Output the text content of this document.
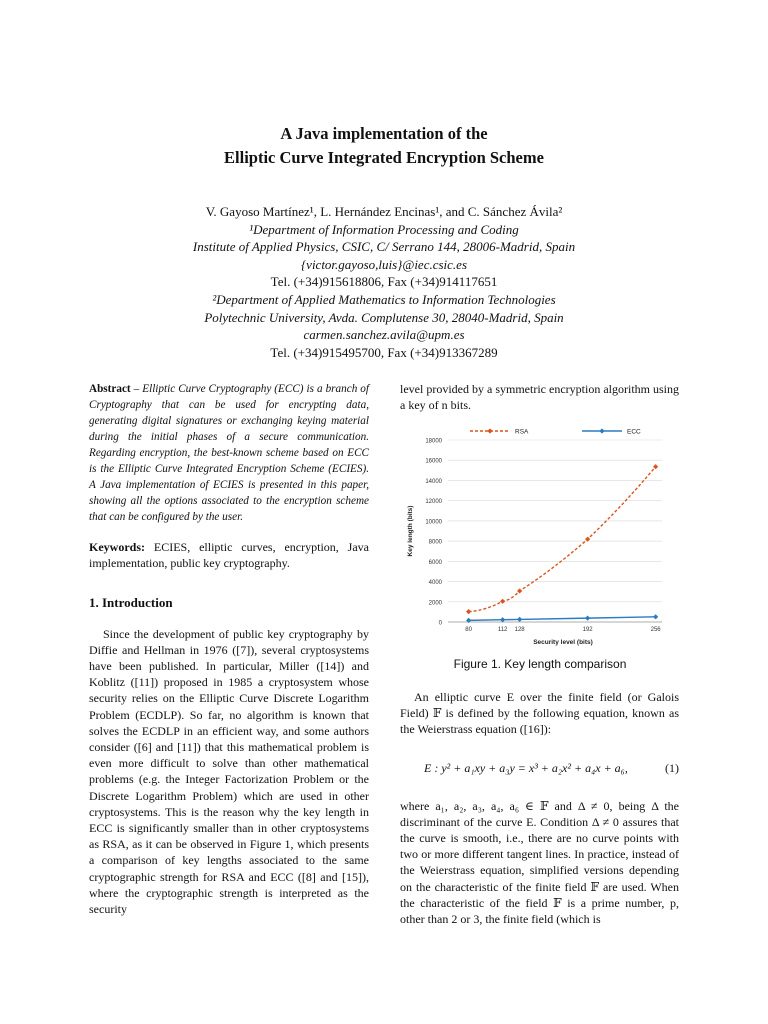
A Java implementation of the
Elliptic Curve Integrated Encryption Scheme
V. Gayoso Martínez¹, L. Hernández Encinas¹, and C. Sánchez Ávila²
¹Department of Information Processing and Coding
Institute of Applied Physics, CSIC, C/ Serrano 144, 28006-Madrid, Spain
{victor.gayoso,luis}@iec.csic.es
Tel. (+34)915618806, Fax (+34)914117651
²Department of Applied Mathematics to Information Technologies
Polytechnic University, Avda. Complutense 30, 28040-Madrid, Spain
carmen.sanchez.avila@upm.es
Tel. (+34)915495700, Fax (+34)913367289
Abstract – Elliptic Curve Cryptography (ECC) is a branch of Cryptography that can be used for encrypting data, generating digital signatures or exchanging keying material during the initial phases of a secure communication. Regarding encryption, the best-known scheme based on ECC is the Elliptic Curve Integrated Encryption Scheme (ECIES). A Java implementation of ECIES is presented in this paper, showing all the options associated to the encryption scheme that can be configured by the user.
Keywords: ECIES, elliptic curves, encryption, Java implementation, public key cryptography.
1. Introduction

Since the development of public key cryptography by Diffie and Hellman in 1976 ([7]), several cryptosystems have been published. In particular, Miller ([14]) and Koblitz ([11]) proposed in 1985 a cryptosystem whose security relies on the Elliptic Curve Discrete Logarithm Problem (ECDLP). So far, no algorithm is known that solves the ECDLP in an efficient way, and some authors consider ([6] and [11]) that this mathematical problem is even more difficult to solve than other mathematical problems (e.g. the Integer Factorization Problem or the Discrete Logarithm Problem) which are used in other cryptosystems. This is the reason why the key length in ECC is significantly smaller than in other cryptosystems as RSA, as it can be observed in Figure 1, which presents a comparison of key lengths associated to the same cryptographic strength for RSA and ECC ([8] and [15]), where the cryptographic strength is interpreted as the security

level provided by a symmetric encryption algorithm using a key of n bits.

0
2000
4000
6000
8000
10000
12000
14000
16000
18000
80	112 128	192	256
Security level (bits)
Key length (bits)
RSA	ECC
Figure 1. Key length comparison

An elliptic curve E over the finite field (or Galois Field) 𝔽 is defined by the following equation, known as the Weierstrass equation ([16]):

E : y² + a₁xy + a₃y = x³ + a₂x² + a₄x + a₆,	(1)

where a₁, a₂, a₃, a₄, a₆ ∈ 𝔽 and Δ ≠ 0, being Δ the discriminant of the curve E. Condition Δ ≠ 0 assures that the curve is smooth, i.e., there are no curve points with two or more different tangent lines. In practice, instead of the Weierstrass equation, simplified versions depending on the characteristic of the finite field 𝔽 are used. When the characteristic of the field 𝔽 is a prime number, p, other than 2 or 3, the finite field (which is
